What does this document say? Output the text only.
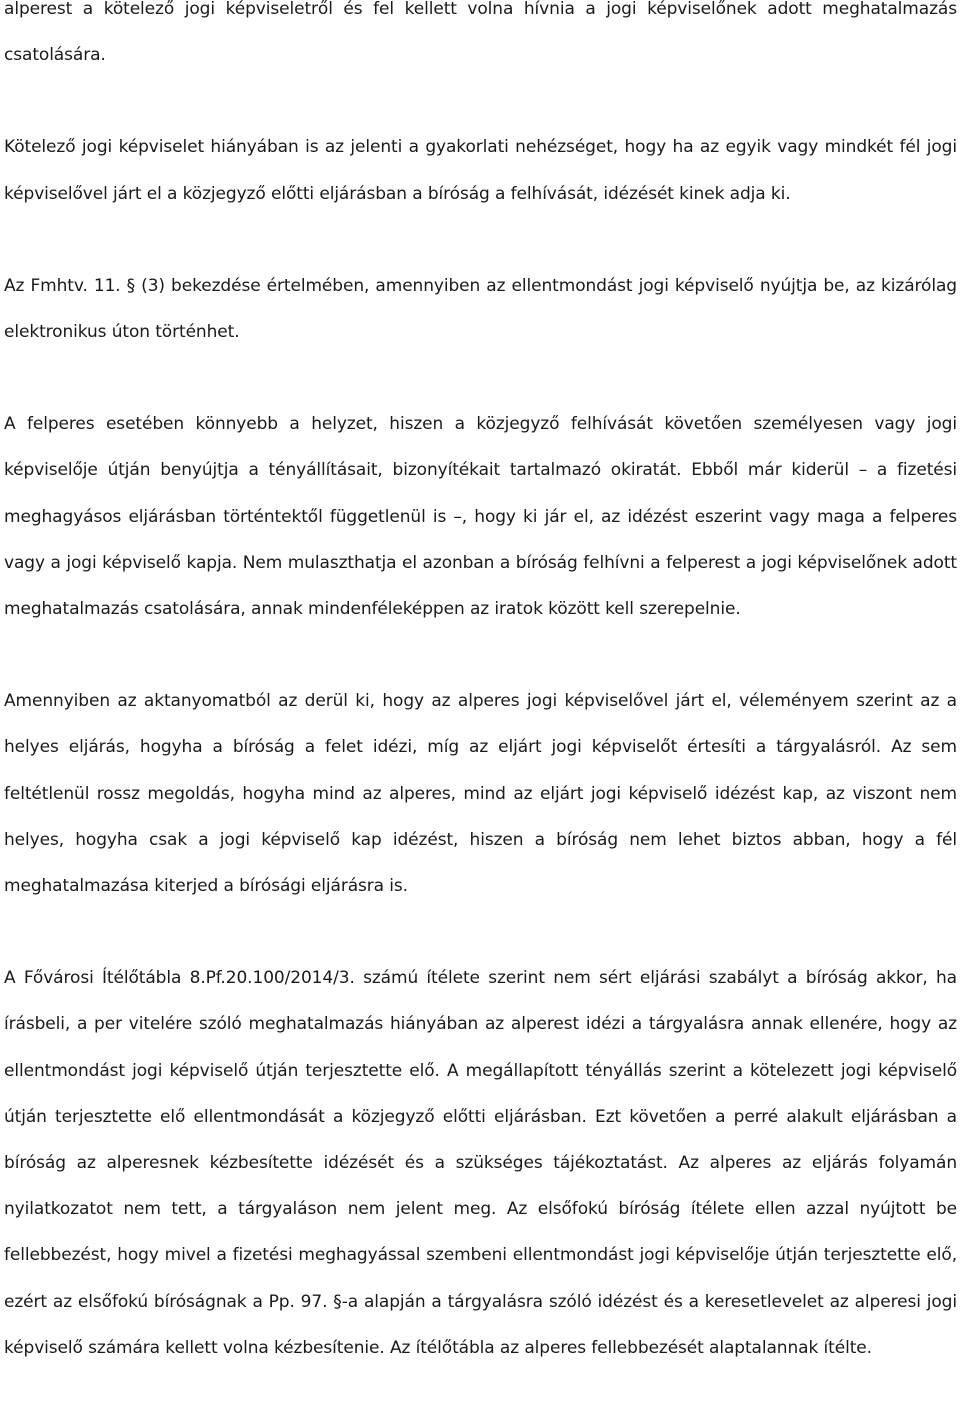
alperest a kötelező jogi képviseletről és fel kellett volna hívnia a jogi képviselőnek adott meghatalmazás csatolására.

Kötelező jogi képviselet hiányában is az jelenti a gyakorlati nehézséget, hogy ha az egyik vagy mindkét fél jogi képviselővel járt el a közjegyző előtti eljárásban a bíróság a felhívását, idézését kinek adja ki.

Az Fmhtv. 11. § (3) bekezdése értelmében, amennyiben az ellentmondást jogi képviselő nyújtja be, az kizárólag elektronikus úton történhet.

A felperes esetében könnyebb a helyzet, hiszen a közjegyző felhívását követően személyesen vagy jogi képviselője útján benyújtja a tényállításait, bizonyítékait tartalmazó okiratát. Ebből már kiderül – a fizetési meghagyásos eljárásban történtektől függetlenül is –, hogy ki jár el, az idézést eszerint vagy maga a felperes vagy a jogi képviselő kapja. Nem mulaszthatja el azonban a bíróság felhívni a felperest a jogi képviselőnek adott meghatalmazás csatolására, annak mindenféleképpen az iratok között kell szerepelnie.

Amennyiben az aktanyomatból az derül ki, hogy az alperes jogi képviselővel járt el, véleményem szerint az a helyes eljárás, hogyha a bíróság a felet idézi, míg az eljárt jogi képviselőt értesíti a tárgyalásról. Az sem feltétlenül rossz megoldás, hogyha mind az alperes, mind az eljárt jogi képviselő idézést kap, az viszont nem helyes, hogyha csak a jogi képviselő kap idézést, hiszen a bíróság nem lehet biztos abban, hogy a fél meghatalmazása kiterjed a bírósági eljárásra is.

A Fővárosi Ítélőtábla 8.Pf.20.100/2014/3. számú ítélete szerint nem sért eljárási szabályt a bíróság akkor, ha írásbeli, a per vitelére szóló meghatalmazás hiányában az alperest idézi a tárgyalásra annak ellenére, hogy az ellentmondást jogi képviselő útján terjesztette elő. A megállapított tényállás szerint a kötelezett jogi képviselő útján terjesztette elő ellentmondását a közjegyző előtti eljárásban. Ezt követően a perré alakult eljárásban a bíróság az alperesnek kézbesítette idézését és a szükséges tájékoztatást. Az alperes az eljárás folyamán nyilatkozatot nem tett, a tárgyaláson nem jelent meg. Az elsőfokú bíróság ítélete ellen azzal nyújtott be fellebbezést, hogy mivel a fizetési meghagyással szembeni ellentmondást jogi képviselője útján terjesztette elő, ezért az elsőfokú bíróságnak a Pp. 97. §-a alapján a tárgyalásra szóló idézést és a keresetlevelet az alperesi jogi képviselő számára kellett volna kézbesítenie. Az ítélőtábla az alperes fellebbezését alaptalannak ítélte.
